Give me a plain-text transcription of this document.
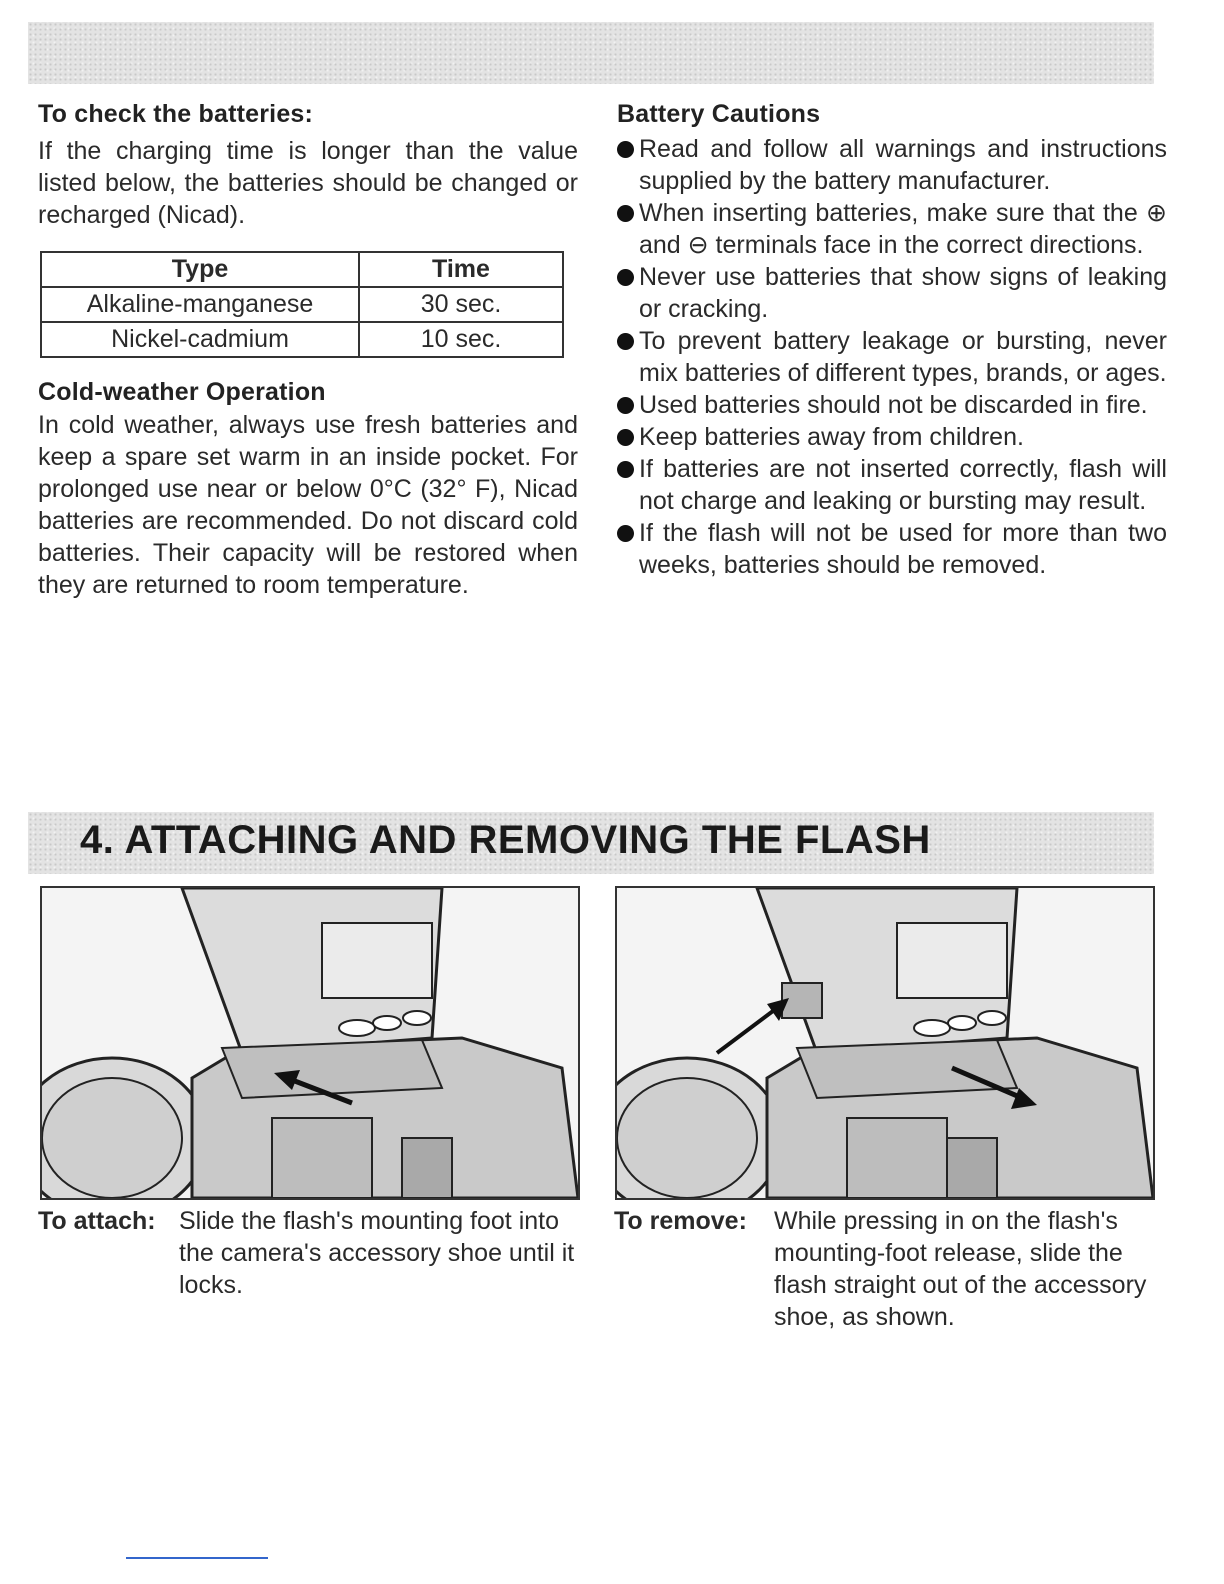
To check the batteries:

If the charging time is longer than the value listed below, the batteries should be changed or recharged (Nicad).

Type	Time
Alkaline-manganese	30 sec.
Nickel-cadmium	10 sec.
Cold-weather Operation

In cold weather, always use fresh batteries and keep a spare set warm in an inside pocket. For prolonged use near or below 0°C (32° F), Nicad batteries are recommended. Do not discard cold batteries. Their capacity will be restored when they are returned to room temperature.

Battery Cautions
Read and follow all warnings and instructions supplied by the battery manufacturer.
When inserting batteries, make sure that the ⊕ and ⊖ terminals face in the correct directions.
Never use batteries that show signs of leaking or cracking.
To prevent battery leakage or bursting, never mix batteries of different types, brands, or ages.
Used batteries should not be discarded in fire.
Keep batteries away from children.
If batteries are not inserted correctly, flash will not charge and leaking or bursting may result.
If the flash will not be used for more than two weeks, batteries should be removed.
4. ATTACHING AND REMOVING THE FLASH
To attach: Slide the flash's mounting foot into the camera's accessory shoe until it locks.
To remove: While pressing in on the flash's mounting-foot release, slide the flash straight out of the accessory shoe, as shown.
